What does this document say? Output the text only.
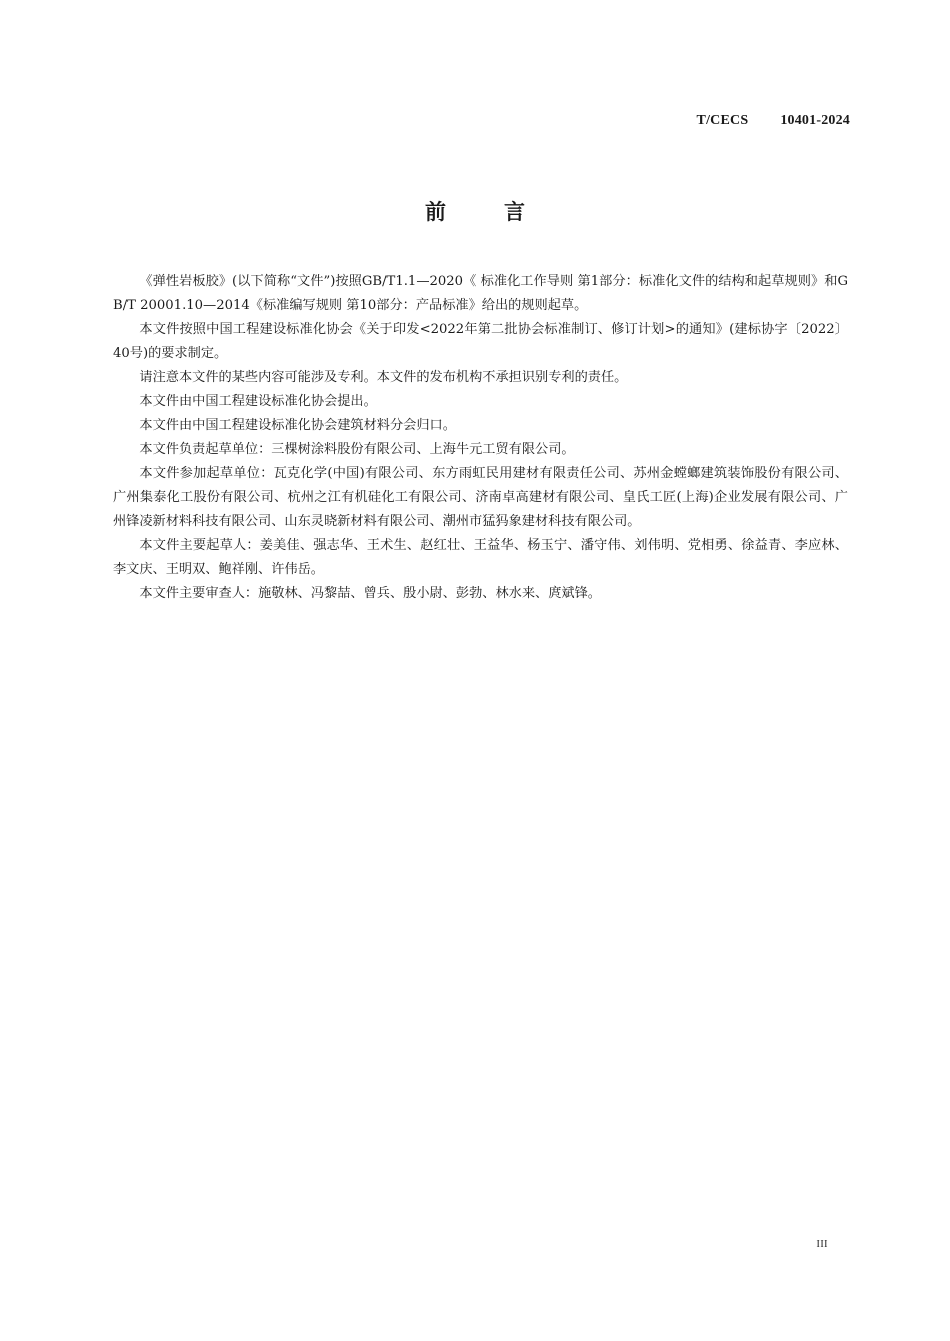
T/CECS 10401-2024
前	言

《弹性岩板胶》(以下简称“文件”)按照GB/T1.1—2020《 标准化工作导则 第1部分：标准化文件的结构和起草规则》和GB/T 20001.10—2014《标准编写规则 第10部分：产品标准》给出的规则起草。

本文件按照中国工程建设标准化协会《关于印发<2022年第二批协会标准制订、修订计划>的通知》(建标协字〔2022〕40号)的要求制定。

请注意本文件的某些内容可能涉及专利。本文件的发布机构不承担识别专利的责任。

本文件由中国工程建设标准化协会提出。

本文件由中国工程建设标准化协会建筑材料分会归口。

本文件负责起草单位：三棵树涂料股份有限公司、上海牛元工贸有限公司。

本文件参加起草单位：瓦克化学(中国)有限公司、东方雨虹民用建材有限责任公司、苏州金螳螂建筑装饰股份有限公司、广州集泰化工股份有限公司、杭州之江有机硅化工有限公司、济南卓高建材有限公司、皇氏工匠(上海)企业发展有限公司、广州锋凌新材料科技有限公司、山东灵晓新材料有限公司、潮州市猛犸象建材科技有限公司。

本文件主要起草人：姜美佳、强志华、王术生、赵红壮、王益华、杨玉宁、潘守伟、刘伟明、党相勇、徐益青、李应林、李文庆、王明双、鲍祥刚、许伟岳。

本文件主要审查人：施敬林、冯黎喆、曾兵、殷小尉、彭勃、林水来、庹斌锋。

III
